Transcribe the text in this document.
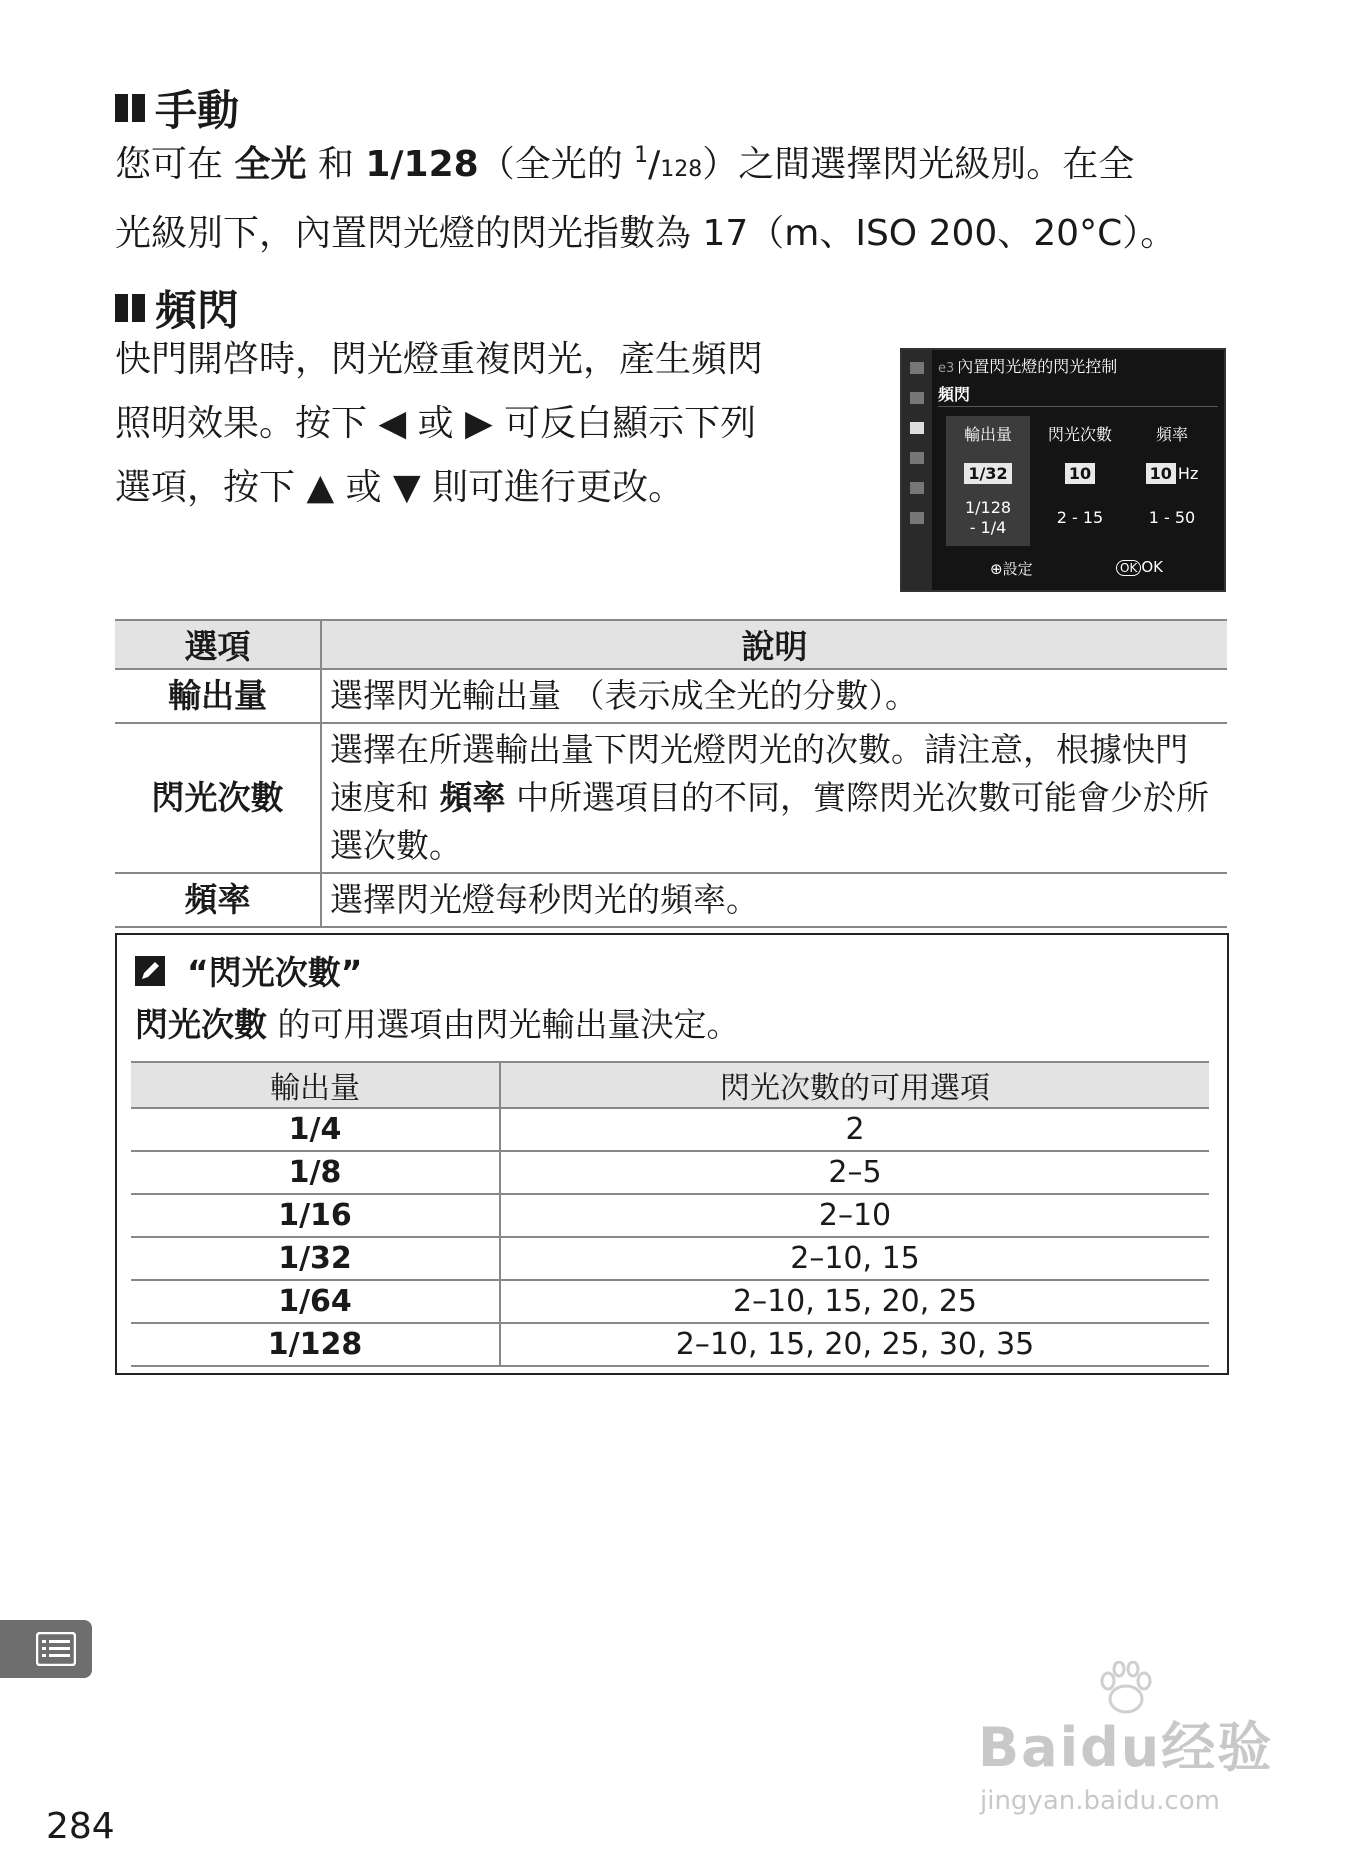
手動
您可在 全光 和 1/128（全光的 $^1$/128）之間選擇閃光級別。在全
光級別下，內置閃光燈的閃光指數為 17（m、ISO 200、20°C）。
頻閃
快門開啓時，閃光燈重複閃光，產生頻閃
照明效果。按下 ◀ 或 ▶ 可反白顯示下列
選項，按下 ▲ 或 ▼ 則可進行更改。
e3 內置閃光燈的閃光控制
頻閃
輸出量
1/32
1/128
- 1/4
閃光次數
10
2 - 15
頻率
10 Hz
1 - 50
⊕設定	OK OK
選項	說明
輸出量	選擇閃光輸出量 （表示成全光的分數）。
閃光次數	選擇在所選輸出量下閃光燈閃光的次數。請注意，根據快門速度和 頻率 中所選項目的不同，實際閃光次數可能會少於所選次數。
頻率	選擇閃光燈每秒閃光的頻率。
“閃光次數”
閃光次數 的可用選項由閃光輸出量決定。
輸出量	閃光次數的可用選項
1/4	2
1/8	2–5
1/16	2–10
1/32	2–10, 15
1/64	2–10, 15, 20, 25
1/128	2–10, 15, 20, 25, 30, 35
284
Baidu经验
jingyan.baidu.com
